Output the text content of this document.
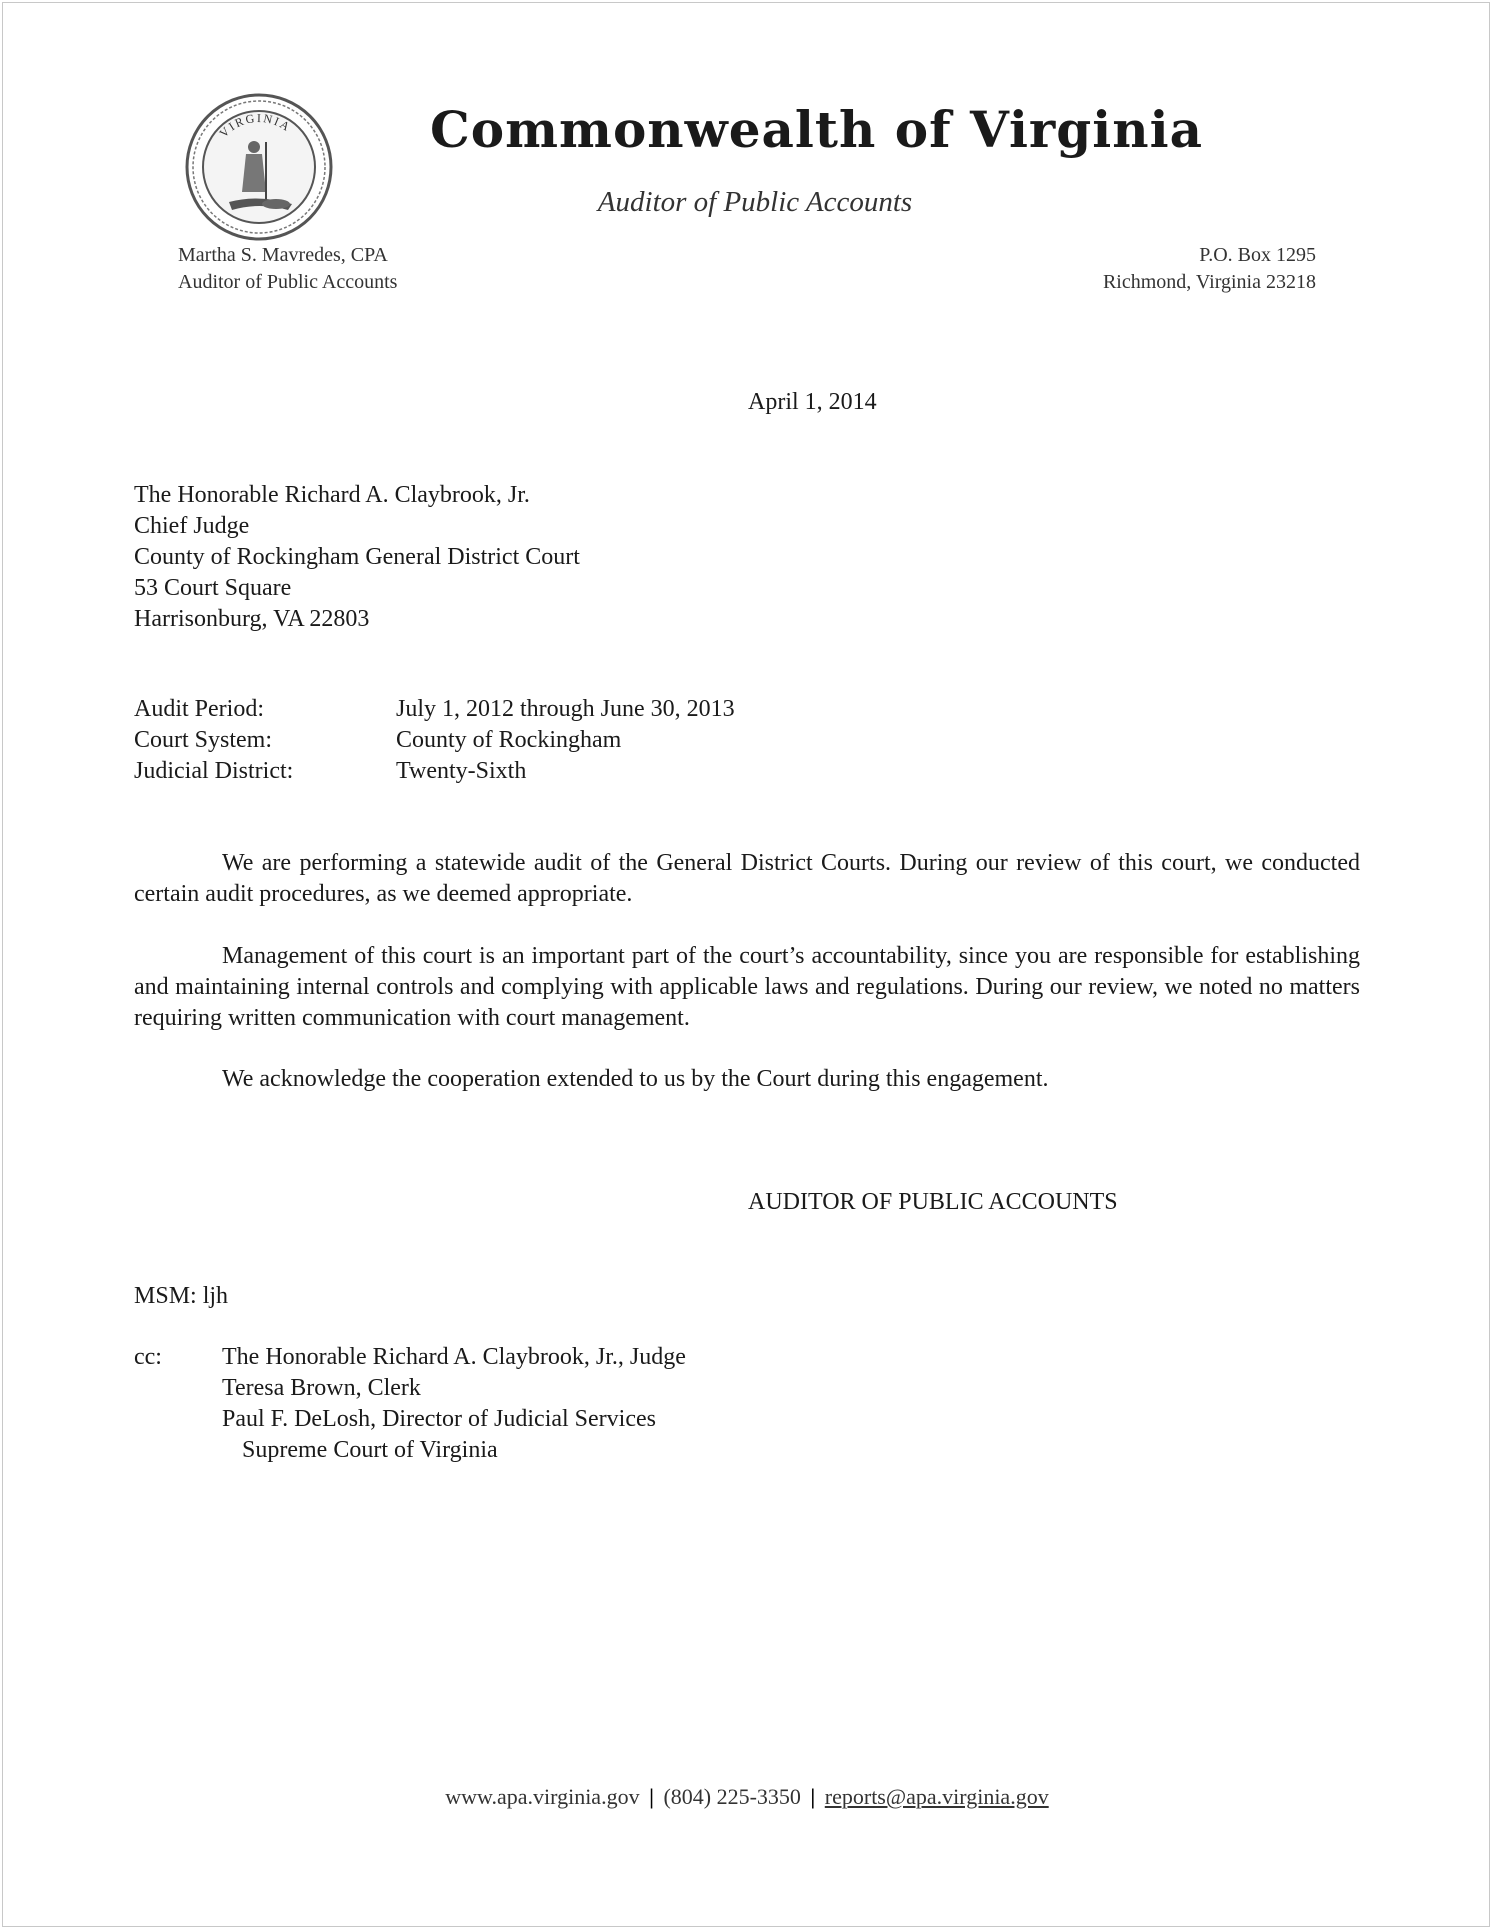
VIRGINIA	Commonwealth of Virginia
Auditor of Public Accounts
Martha S. Mavredes, CPA
Auditor of Public Accounts
P.O. Box 1295
Richmond, Virginia 23218
April 1, 2014
The Honorable Richard A. Claybrook, Jr.
Chief Judge
County of Rockingham General District Court
53 Court Square
Harrisonburg, VA 22803
Audit Period:	July 1, 2012 through June 30, 2013
Court System:	County of Rockingham
Judicial District:	Twenty-Sixth

We are performing a statewide audit of the General District Courts. During our review of this court, we conducted certain audit procedures, as we deemed appropriate.

Management of this court is an important part of the court’s accountability, since you are responsible for establishing and maintaining internal controls and complying with applicable laws and regulations. During our review, we noted no matters requiring written communication with court management.

We acknowledge the cooperation extended to us by the Court during this engagement.

AUDITOR OF PUBLIC ACCOUNTS
MSM: ljh
cc:	The Honorable Richard A. Claybrook, Jr., Judge
Teresa Brown, Clerk
Paul F. DeLosh, Director of Judicial Services
Supreme Court of Virginia
www.apa.virginia.gov | (804) 225-3350 | reports@apa.virginia.gov
